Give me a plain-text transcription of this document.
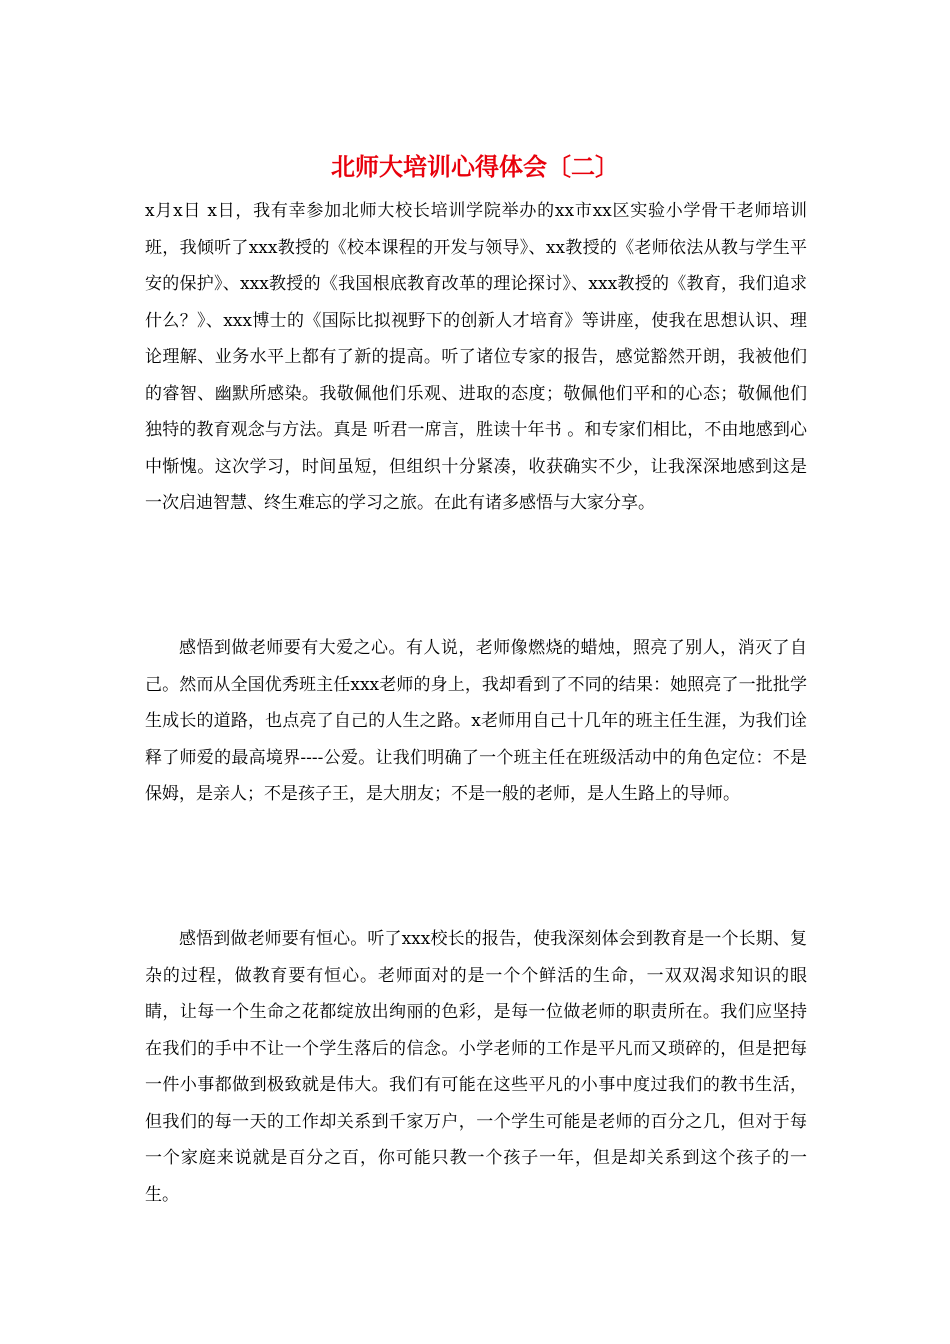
北师大培训心得体会〔二〕

x月x日 x日，我有幸参加北师大校长培训学院举办的xx市xx区实验小学骨干老师培训班，我倾听了xxx教授的《校本课程的开发与领导》、xx教授的《老师依法从教与学生平安的保护》、xxx教授的《我国根底教育改革的理论探讨》、xxx教授的《教育，我们追求什么？》、xxx博士的《国际比拟视野下的创新人才培育》等讲座，使我在思想认识、理论理解、业务水平上都有了新的提高。听了诸位专家的报告，感觉豁然开朗，我被他们的睿智、幽默所感染。我敬佩他们乐观、进取的态度；敬佩他们平和的心态；敬佩他们独特的教育观念与方法。真是 听君一席言，胜读十年书 。和专家们相比，不由地感到心中惭愧。这次学习，时间虽短，但组织十分紧凑，收获确实不少，让我深深地感到这是一次启迪智慧、终生难忘的学习之旅。在此有诸多感悟与大家分享。

感悟到做老师要有大爱之心。有人说，老师像燃烧的蜡烛，照亮了别人，消灭了自己。然而从全国优秀班主任xxx老师的身上，我却看到了不同的结果：她照亮了一批批学生成长的道路，也点亮了自己的人生之路。x老师用自己十几年的班主任生涯，为我们诠释了师爱的最高境界----公爱。让我们明确了一个班主任在班级活动中的角色定位：不是保姆，是亲人；不是孩子王，是大朋友；不是一般的老师，是人生路上的导师。

感悟到做老师要有恒心。听了xxx校长的报告，使我深刻体会到教育是一个长期、复杂的过程，做教育要有恒心。老师面对的是一个个鲜活的生命，一双双渴求知识的眼睛，让每一个生命之花都绽放出绚丽的色彩，是每一位做老师的职责所在。我们应坚持在我们的手中不让一个学生落后的信念。小学老师的工作是平凡而又琐碎的，但是把每一件小事都做到极致就是伟大。我们有可能在这些平凡的小事中度过我们的教书生活，但我们的每一天的工作却关系到千家万户，一个学生可能是老师的百分之几，但对于每一个家庭来说就是百分之百，你可能只教一个孩子一年，但是却关系到这个孩子的一生。
